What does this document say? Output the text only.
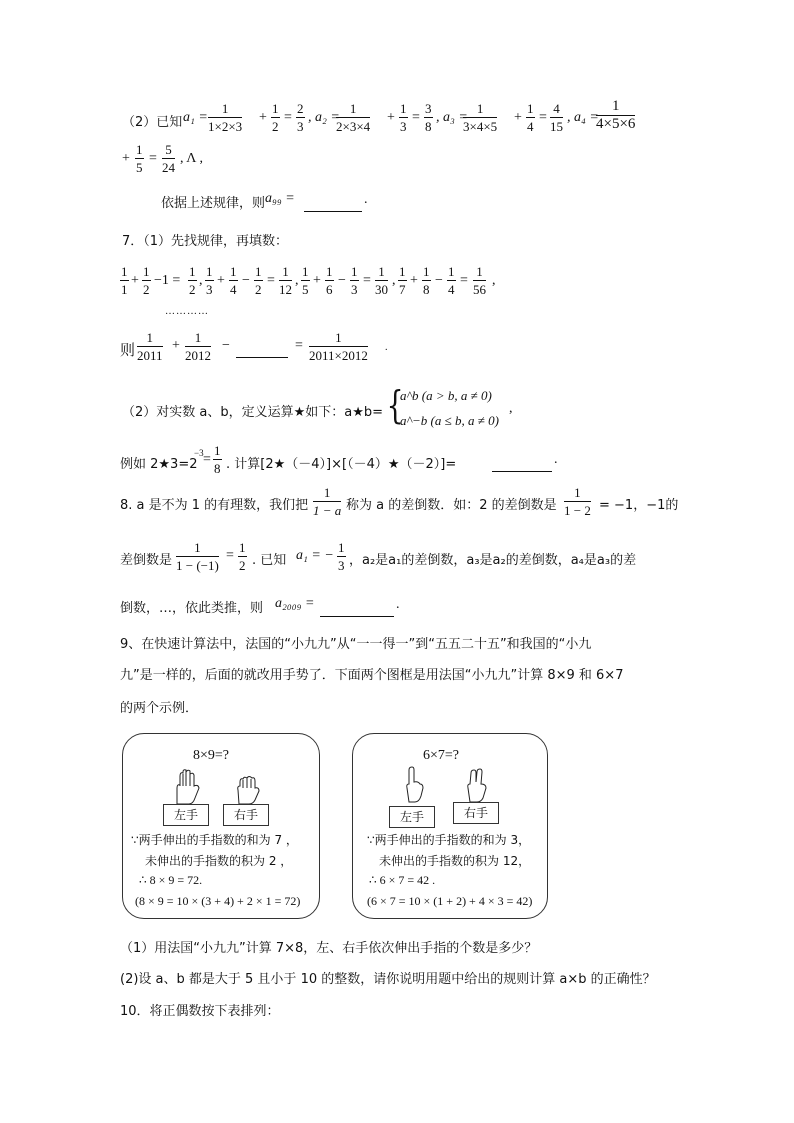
（2）已知 $a_1 = \frac{1}{1\times 2\times 3} + \frac{1}{2} = \frac{2}{3}$ , a₂ =
$\frac{1}{2\times 3\times 4} + \frac{1}{3} = \frac{3}{8}$ , a₃ =
$\frac{1}{3\times 4\times 5} + \frac{1}{4} = \frac{4}{15}$ , a₄ =
$\frac{1}{4\times 5\times 6}$
+ $\frac{1}{5} = \frac{5}{24}$ , Λ ,
依据上述规律，则 a₉₉ =	.
7．（1）先找规律，再填数：
$\frac{1}{1} + \frac{1}{2} -1 = \frac{1}{2}$ , $\frac{1}{3} + \frac{1}{4} - \frac{1}{2} = \frac{1}{12}$ , $\frac{1}{5} + \frac{1}{6} - \frac{1}{3} = \frac{1}{30}$ , $\frac{1}{7} + \frac{1}{8} - \frac{1}{4} = \frac{1}{56}$ ,
…………
则 $\frac{1}{2011} + \frac{1}{2012}$ −	= $\frac{1}{2011\times 2012}$ .
（2）对实数 a、b，定义运算★如下：a★b= {
a^b (a > b, a ≠ 0)
a^−b (a ≤ b, a ≠ 0)
,
例如 2★3=2
$-3 = \frac{1}{8}$ . 计算[2★（－4）]×[（－4）★（－2）]=	.
8. a 是不为 1 的有理数，我们把 $\frac{1}{1 - a}$ 称为 a 的差倒数．如：2 的差倒数是 $\frac{1}{1 - 2} = -1$，−1的
差倒数是 $\frac{1}{1 - (-1)} = \frac{1}{2}$ . 已知 a₁ = − $\frac{1}{3}$ ，a₂是a₁的差倒数，a₃是a₂的差倒数，a₄是a₃的差
倒数，…，依此类推，则 a₂₀₀₉ =	.
9、在快速计算法中，法国的“小九九”从“一一得一”到“五五二十五”和我国的“小九
九”是一样的，后面的就改用手势了．下面两个图框是用法国“小九九”计算 8×9 和 6×7
的两个示例．
8×9=?
左手	右手
∵两手伸出的手指数的和为 7 ，
未伸出的手指数的积为 2 ，
∴ 8 × 9 = 72.
(8 × 9 = 10 × (3 + 4) + 2 × 1 = 72)
6×7=?
左手	右手
∵两手伸出的手指数的和为 3，
未伸出的手指数的积为 12，
∴ 6 × 7 = 42 .
(6 × 7 = 10 × (1 + 2) + 4 × 3 = 42)
（1）用法国“小九九”计算 7×8，左、右手依次伸出手指的个数是多少？
(2)设 a、b 都是大于 5 且小于 10 的整数，请你说明用题中给出的规则计算 a×b 的正确性？
10．将正偶数按下表排列：
